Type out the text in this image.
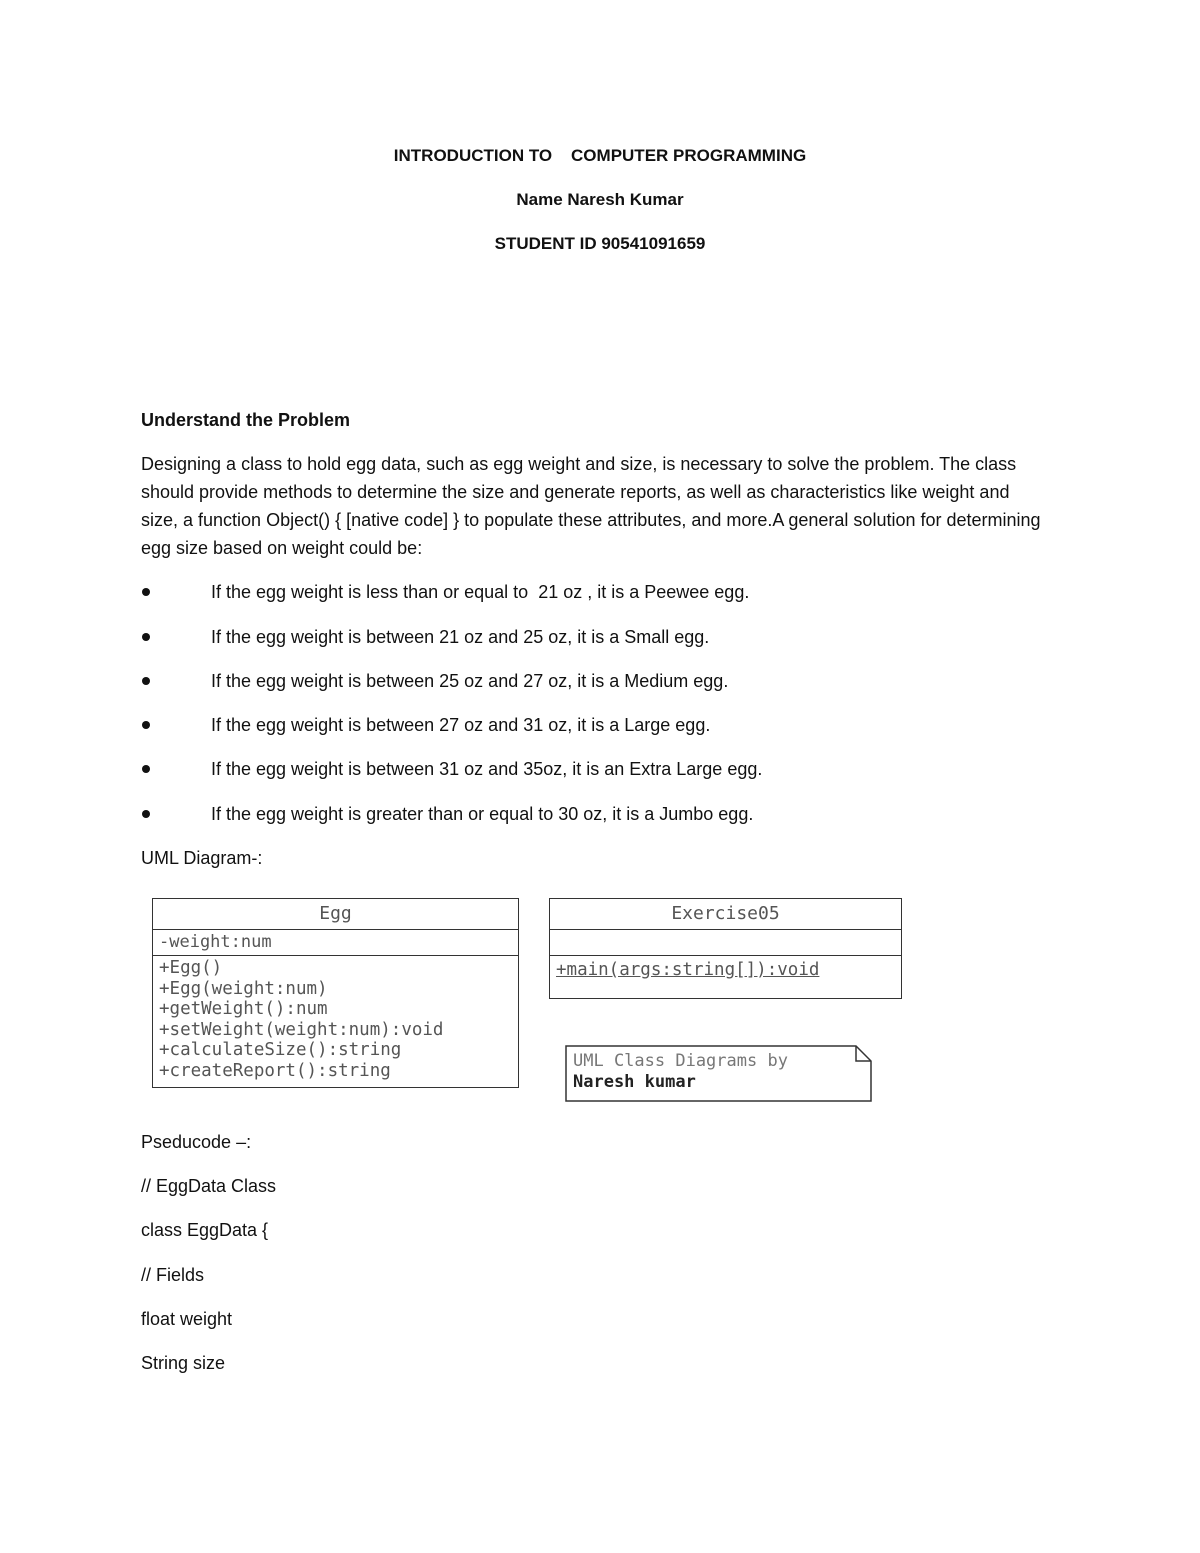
INTRODUCTION TO    COMPUTER PROGRAMMING
Name Naresh Kumar
STUDENT ID 90541091659
Understand the Problem
Designing a class to hold egg data, such as egg weight and size, is necessary to solve the problem. The class should provide methods to determine the size and generate reports, as well as characteristics like weight and size, a function Object() { [native code] } to populate these attributes, and more.A general solution for determining egg size based on weight could be:
If the egg weight is less than or equal to  21 oz , it is a Peewee egg.
If the egg weight is between 21 oz and 25 oz, it is a Small egg.
If the egg weight is between 25 oz and 27 oz, it is a Medium egg.
If the egg weight is between 27 oz and 31 oz, it is a Large egg.
If the egg weight is between 31 oz and 35oz, it is an Extra Large egg.
If the egg weight is greater than or equal to 30 oz, it is a Jumbo egg.
UML Diagram-:
Egg
-weight:num
+Egg()
+Egg(weight:num)
+getWeight():num
+setWeight(weight:num):void
+calculateSize():string
+createReport():string
Exercise05
+main(args:string[]):void
UML Class Diagrams by
Naresh kumar
Pseducode –:
// EggData Class
class EggData {
// Fields
float weight
String size
